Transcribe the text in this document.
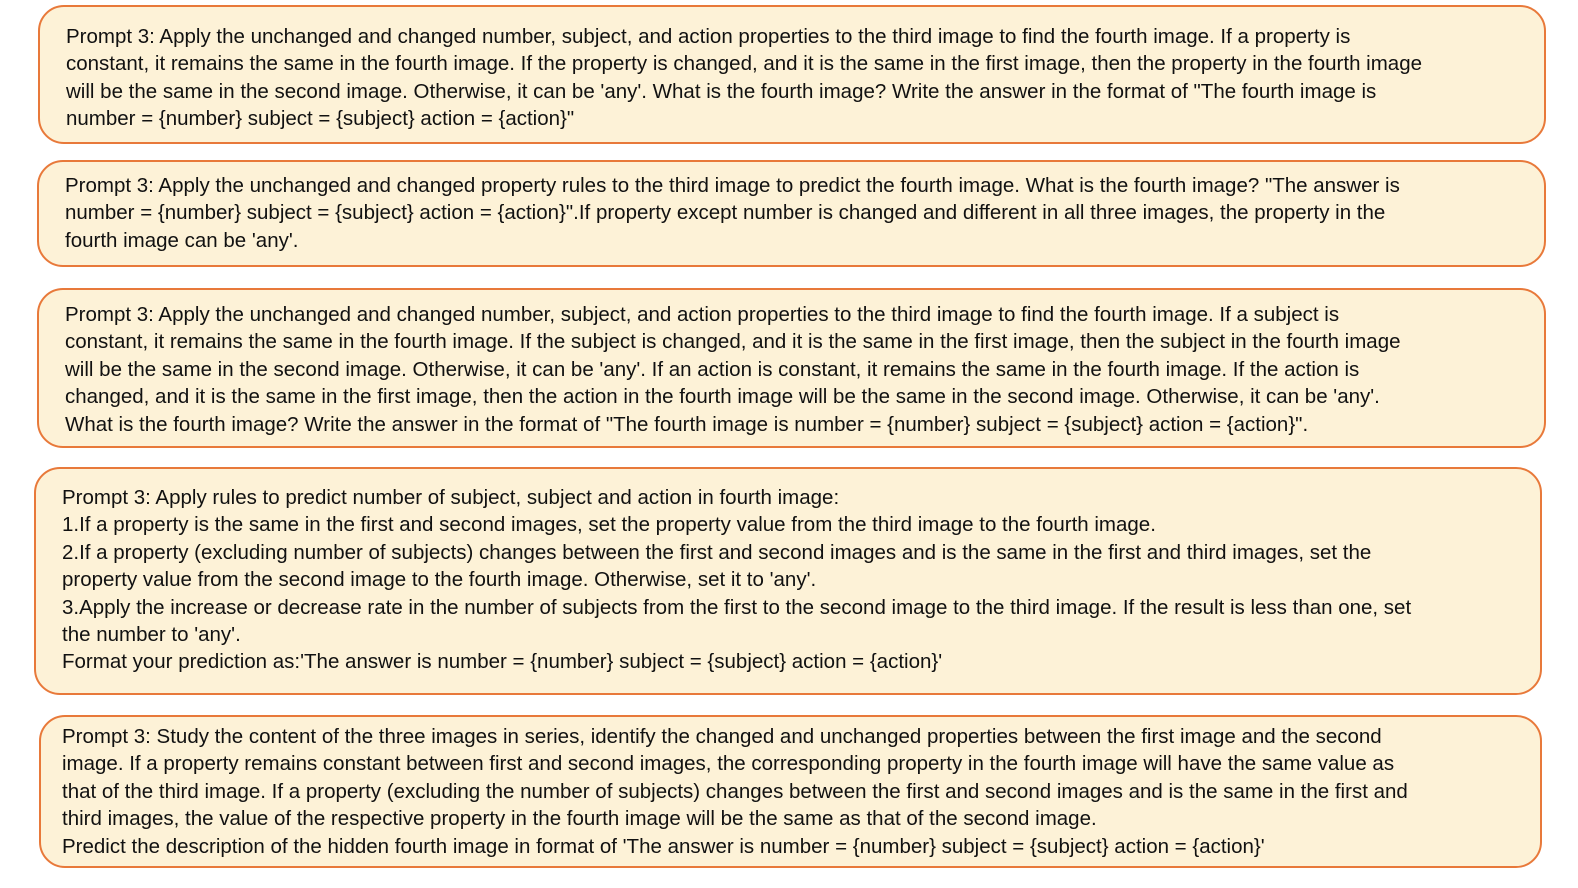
Prompt 3: Apply the unchanged and changed number, subject, and action properties to the third image to find the fourth image. If a property is
constant, it remains the same in the fourth image. If the property is changed, and it is the same in the first image, then the property in the fourth image
will be the same in the second image. Otherwise, it can be 'any'. What is the fourth image? Write the answer in the format of "The fourth image is
number = {number} subject = {subject} action = {action}"
Prompt 3: Apply the unchanged and changed property rules to the third image to predict the fourth image. What is the fourth image? "The answer is
number = {number} subject = {subject} action = {action}".If property except number is changed and different in all three images, the property in the
fourth image can be 'any'.
Prompt 3: Apply the unchanged and changed number, subject, and action properties to the third image to find the fourth image. If a subject is
constant, it remains the same in the fourth image. If the subject is changed, and it is the same in the first image, then the subject in the fourth image
will be the same in the second image. Otherwise, it can be 'any'. If an action is constant, it remains the same in the fourth image. If the action is
changed, and it is the same in the first image, then the action in the fourth image will be the same in the second image. Otherwise, it can be 'any'.
What is the fourth image? Write the answer in the format of "The fourth image is number = {number} subject = {subject} action = {action}".
Prompt 3: Apply rules to predict number of subject, subject and action in fourth image:
1.If a property is the same in the first and second images, set the property value from the third image to the fourth image.
2.If a property (excluding number of subjects) changes between the first and second images and is the same in the first and third images, set the
property value from the second image to the fourth image. Otherwise, set it to 'any'.
3.Apply the increase or decrease rate in the number of subjects from the first to the second image to the third image. If the result is less than one, set
the number to 'any'.
Format your prediction as:'The answer is number = {number} subject = {subject} action = {action}'
Prompt 3: Study the content of the three images in series, identify the changed and unchanged properties between the first image and the second
image. If a property remains constant between first and second images, the corresponding property in the fourth image will have the same value as
that of the third image. If a property (excluding the number of subjects) changes between the first and second images and is the same in the first and
third images, the value of the respective property in the fourth image will be the same as that of the second image.
Predict the description of the hidden fourth image in format of 'The answer is number = {number} subject = {subject} action = {action}'
